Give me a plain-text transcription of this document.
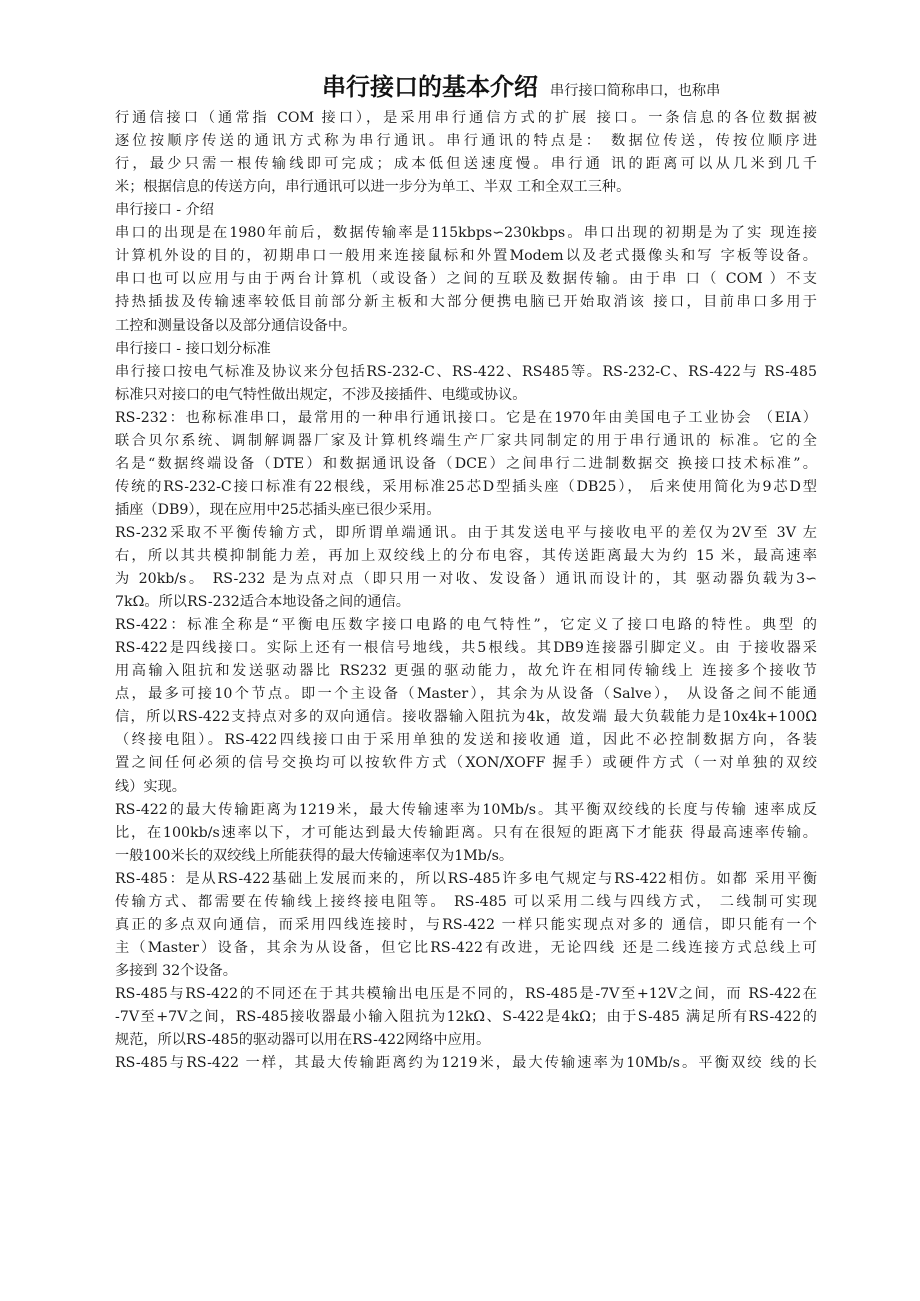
串行接口的基本介绍 串行接口简称串口，也称串
行通信接口（通常指 COM 接口），是采用串行通信方式的扩展 接口。一条信息的各位数据被
逐位按顺序传送的通讯方式称为串行通讯。串行通讯的特点是： 数据位传送，传按位顺序进
行，最少只需一根传输线即可完成；成本低但送速度慢。串行通 讯的距离可以从几米到几千
米；根据信息的传送方向，串行通讯可以进一步分为单工、半双 工和全双工三种。
串行接口 - 介绍
串口的出现是在1980年前后，数据传输率是115kbps∽230kbps。串口出现的初期是为了实 现连接
计算机外设的目的，初期串口一般用来连接鼠标和外置Modem以及老式摄像头和写 字板等设备。
串口也可以应用与由于两台计算机（或设备）之间的互联及数据传输。由于串 口（ COM ）不支
持热插拔及传输速率较低目前部分新主板和大部分便携电脑已开始取消该 接口，目前串口多用于
工控和测量设备以及部分通信设备中。
串行接口 - 接口划分标准
串行接口按电气标准及协议来分包括RS-232-C、RS-422、RS485等。RS-232-C、RS-422与 RS-485
标准只对接口的电气特性做出规定，不涉及接插件、电缆或协议。
RS-232：也称标准串口，最常用的一种串行通讯接口。它是在1970年由美国电子工业协会 （EIA）
联合贝尔系统、调制解调器厂家及计算机终端生产厂家共同制定的用于串行通讯的 标准。它的全
名是“数据终端设备（DTE）和数据通讯设备（DCE）之间串行二进制数据交 换接口技术标准”。
传统的RS-232-C接口标准有22根线，采用标准25芯D型插头座（DB25）， 后来使用简化为9芯D型
插座（DB9），现在应用中25芯插头座已很少采用。
RS-232采取不平衡传输方式，即所谓单端通讯。由于其发送电平与接收电平的差仅为2V至 3V 左
右，所以其共模抑制能力差，再加上双绞线上的分布电容，其传送距离最大为约 15 米，最高速率
为 20kb/s。 RS-232 是为点对点（即只用一对收、发设备）通讯而设计的，其 驱动器负载为3∽
7kΩ。所以RS-232适合本地设备之间的通信。
RS-422：标准全称是“平衡电压数字接口电路的电气特性”，它定义了接口电路的特性。典型 的
RS-422是四线接口。实际上还有一根信号地线，共5根线。其DB9连接器引脚定义。由 于接收器采
用高输入阻抗和发送驱动器比 RS232 更强的驱动能力，故允许在相同传输线上 连接多个接收节
点，最多可接10个节点。即一个主设备（Master），其余为从设备（Salve）， 从设备之间不能通
信，所以RS-422支持点对多的双向通信。接收器输入阻抗为4k，故发端 最大负载能力是10x4k+100Ω
（终接电阻）。RS-422四线接口由于采用单独的发送和接收通 道，因此不必控制数据方向，各装
置之间任何必须的信号交换均可以按软件方式（XON/XOFF 握手）或硬件方式（一对单独的双绞
线）实现。
RS-422的最大传输距离为1219米，最大传输速率为10Mb/s。其平衡双绞线的长度与传输 速率成反
比，在100kb/s速率以下，才可能达到最大传输距离。只有在很短的距离下才能获 得最高速率传输。
一般100米长的双绞线上所能获得的最大传输速率仅为1Mb/s。
RS-485：是从RS-422基础上发展而来的，所以RS-485许多电气规定与RS-422相仿。如都 采用平衡
传输方式、都需要在传输线上接终接电阻等。 RS-485 可以采用二线与四线方式， 二线制可实现
真正的多点双向通信，而采用四线连接时，与RS-422 一样只能实现点对多的 通信，即只能有一个
主（Master）设备，其余为从设备，但它比RS-422有改进，无论四线 还是二线连接方式总线上可
多接到 32个设备。
RS-485与RS-422的不同还在于其共模输出电压是不同的，RS-485是-7V至+12V之间，而 RS-422在
-7V至+7V之间，RS-485接收器最小输入阻抗为12kΩ、S-422是4kΩ；由于S-485 满足所有RS-422的
规范，所以RS-485的驱动器可以用在RS-422网络中应用。
RS-485与RS-422 一样，其最大传输距离约为1219米，最大传输速率为10Mb/s。平衡双绞 线的长
